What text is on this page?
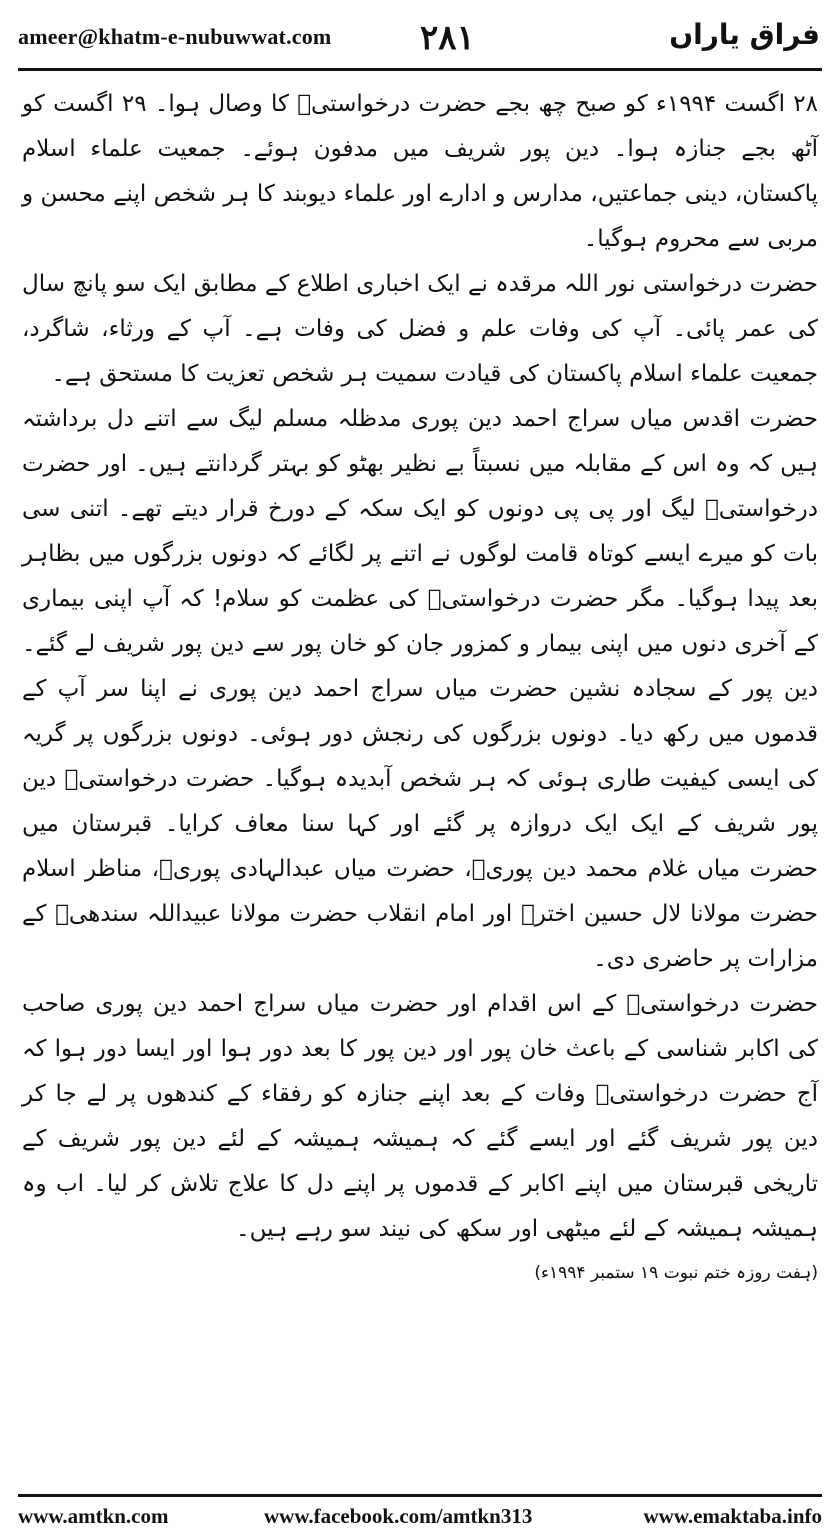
ameer@khatm-e-nubuwwat.com	۲۸۱	فراق یاراں

۲۸ اگست ۱۹۹۴ء کو صبح چھ بجے حضرت درخواستیؒ کا وصال ہوا۔ ۲۹ اگست کو آٹھ بجے جنازہ ہوا۔ دین پور شریف میں مدفون ہوئے۔ جمعیت علماء اسلام پاکستان، دینی جماعتیں، مدارس و ادارے اور علماء دیوبند کا ہر شخص اپنے محسن و مربی سے محروم ہوگیا۔

حضرت درخواستی نور اللہ مرقدہ نے ایک اخباری اطلاع کے مطابق ایک سو پانچ سال کی عمر پائی۔ آپ کی وفات علم و فضل کی وفات ہے۔ آپ کے ورثاء، شاگرد، جمعیت علماء اسلام پاکستان کی قیادت سمیت ہر شخص تعزیت کا مستحق ہے۔

حضرت اقدس میاں سراج احمد دین پوری مدظلہ مسلم لیگ سے اتنے دل برداشتہ ہیں کہ وہ اس کے مقابلہ میں نسبتاً بے نظیر بھٹو کو بہتر گردانتے ہیں۔ اور حضرت درخواستیؒ لیگ اور پی پی دونوں کو ایک سکہ کے دورخ قرار دیتے تھے۔ اتنی سی بات کو میرے ایسے کوتاہ قامت لوگوں نے اتنے پر لگائے کہ دونوں بزرگوں میں بظاہر بعد پیدا ہوگیا۔ مگر حضرت درخواستیؒ کی عظمت کو سلام! کہ آپ اپنی بیماری کے آخری دنوں میں اپنی بیمار و کمزور جان کو خان پور سے دین پور شریف لے گئے۔ دین پور کے سجادہ نشین حضرت میاں سراج احمد دین پوری نے اپنا سر آپ کے قدموں میں رکھ دیا۔ دونوں بزرگوں کی رنجش دور ہوئی۔ دونوں بزرگوں پر گریہ کی ایسی کیفیت طاری ہوئی کہ ہر شخص آبدیدہ ہوگیا۔ حضرت درخواستیؒ دین پور شریف کے ایک ایک دروازہ پر گئے اور کہا سنا معاف کرایا۔ قبرستان میں حضرت میاں غلام محمد دین پوریؒ، حضرت میاں عبدالہادی پوریؒ، مناظر اسلام حضرت مولانا لال حسین اخترؒ اور امام انقلاب حضرت مولانا عبیداللہ سندھیؒ کے مزارات پر حاضری دی۔

حضرت درخواستیؒ کے اس اقدام اور حضرت میاں سراج احمد دین پوری صاحب کی اکابر شناسی کے باعث خان پور اور دین پور کا بعد دور ہوا اور ایسا دور ہوا کہ آج حضرت درخواستیؒ وفات کے بعد اپنے جنازہ کو رفقاء کے کندھوں پر لے جا کر دین پور شریف گئے اور ایسے گئے کہ ہمیشہ ہمیشہ کے لئے دین پور شریف کے تاریخی قبرستان میں اپنے اکابر کے قدموں پر اپنے دل کا علاج تلاش کر لیا۔ اب وہ ہمیشہ ہمیشہ کے لئے میٹھی اور سکھ کی نیند سو رہے ہیں۔

(ہفت روزہ ختم نبوت ۱۹ ستمبر ۱۹۹۴ء)

www.amtkn.com	www.facebook.com/amtkn313	www.emaktaba.info
